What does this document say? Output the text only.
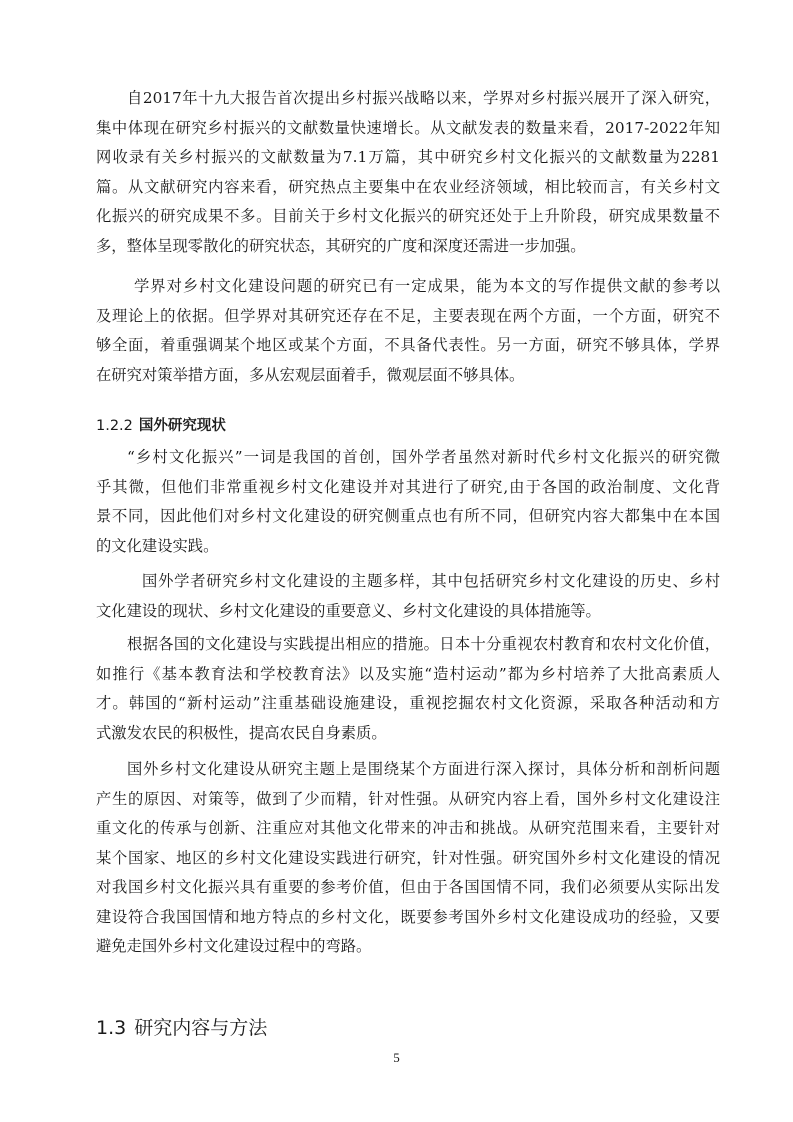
自2017年十九大报告首次提出乡村振兴战略以来，学界对乡村振兴展开了深入研究，
集中体现在研究乡村振兴的文献数量快速增长。从文献发表的数量来看，2017-2022年知
网收录有关乡村振兴的文献数量为7.1万篇，其中研究乡村文化振兴的文献数量为2281
篇。从文献研究内容来看，研究热点主要集中在农业经济领域，相比较而言，有关乡村文
化振兴的研究成果不多。目前关于乡村文化振兴的研究还处于上升阶段，研究成果数量不
多，整体呈现零散化的研究状态，其研究的广度和深度还需进一步加强。
学界对乡村文化建设问题的研究已有一定成果，能为本文的写作提供文献的参考以
及理论上的依据。但学界对其研究还存在不足，主要表现在两个方面，一个方面，研究不
够全面，着重强调某个地区或某个方面，不具备代表性。另一方面，研究不够具体，学界
在研究对策举措方面，多从宏观层面着手，微观层面不够具体。
1.2.2 国外研究现状
“乡村文化振兴”一词是我国的首创，国外学者虽然对新时代乡村文化振兴的研究微
乎其微，但他们非常重视乡村文化建设并对其进行了研究,由于各国的政治制度、文化背
景不同，因此他们对乡村文化建设的研究侧重点也有所不同，但研究内容大都集中在本国
的文化建设实践。
国外学者研究乡村文化建设的主题多样，其中包括研究乡村文化建设的历史、乡村
文化建设的现状、乡村文化建设的重要意义、乡村文化建设的具体措施等。
根据各国的文化建设与实践提出相应的措施。日本十分重视农村教育和农村文化价值，
如推行《基本教育法和学校教育法》以及实施“造村运动”都为乡村培养了大批高素质人
才。韩国的“新村运动”注重基础设施建设，重视挖掘农村文化资源，采取各种活动和方
式激发农民的积极性，提高农民自身素质。
国外乡村文化建设从研究主题上是围绕某个方面进行深入探讨，具体分析和剖析问题
产生的原因、对策等，做到了少而精，针对性强。从研究内容上看，国外乡村文化建设注
重文化的传承与创新、注重应对其他文化带来的冲击和挑战。从研究范围来看，主要针对
某个国家、地区的乡村文化建设实践进行研究，针对性强。研究国外乡村文化建设的情况
对我国乡村文化振兴具有重要的参考价值，但由于各国国情不同，我们必须要从实际出发
建设符合我国国情和地方特点的乡村文化，既要参考国外乡村文化建设成功的经验，又要
避免走国外乡村文化建设过程中的弯路。
1.3 研究内容与方法
5
